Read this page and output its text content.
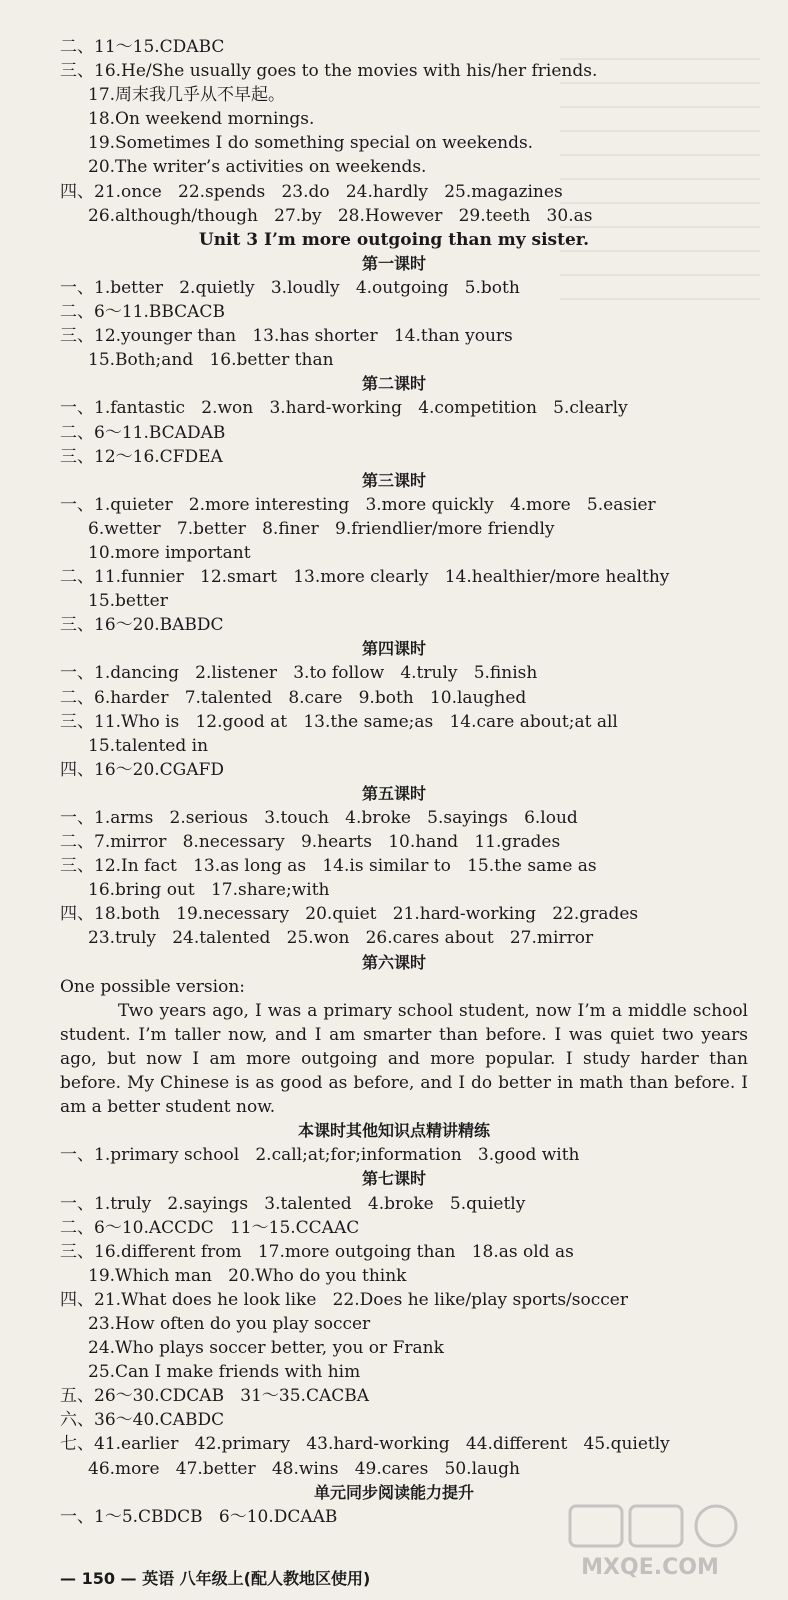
二、11～15.CDABC
三、16.He/She usually goes to the movies with his/her friends.
17.周末我几乎从不早起。
18.On weekend mornings.
19.Sometimes I do something special on weekends.
20.The writer’s activities on weekends.
四、21.once   22.spends   23.do   24.hardly   25.magazines
26.although/though   27.by   28.However   29.teeth   30.as
Unit 3 I’m more outgoing than my sister.
第一课时
一、1.better   2.quietly   3.loudly   4.outgoing   5.both
二、6～11.BBCACB
三、12.younger than   13.has shorter   14.than yours
15.Both;and   16.better than
第二课时
一、1.fantastic   2.won   3.hard-working   4.competition   5.clearly
二、6～11.BCADAB
三、12～16.CFDEA
第三课时
一、1.quieter   2.more interesting   3.more quickly   4.more   5.easier
6.wetter   7.better   8.finer   9.friendlier/more friendly
10.more important
二、11.funnier   12.smart   13.more clearly   14.healthier/more healthy
15.better
三、16～20.BABDC
第四课时
一、1.dancing   2.listener   3.to follow   4.truly   5.finish
二、6.harder   7.talented   8.care   9.both   10.laughed
三、11.Who is   12.good at   13.the same;as   14.care about;at all
15.talented in
四、16～20.CGAFD
第五课时
一、1.arms   2.serious   3.touch   4.broke   5.sayings   6.loud
二、7.mirror   8.necessary   9.hearts   10.hand   11.grades
三、12.In fact   13.as long as   14.is similar to   15.the same as
16.bring out   17.share;with
四、18.both   19.necessary   20.quiet   21.hard-working   22.grades
23.truly   24.talented   25.won   26.cares about   27.mirror
第六课时
One possible version:
Two years ago, I was a primary school student, now I’m a middle school student. I’m taller now, and I am smarter than before. I was quiet two years ago, but now I am more outgoing and more popular. I study harder than before. My Chinese is as good as before, and I do better in math than before. I am a better student now.
本课时其他知识点精讲精练
一、1.primary school   2.call;at;for;information   3.good with
第七课时
一、1.truly   2.sayings   3.talented   4.broke   5.quietly
二、6～10.ACCDC   11～15.CCAAC
三、16.different from   17.more outgoing than   18.as old as
19.Which man   20.Who do you think
四、21.What does he look like   22.Does he like/play sports/soccer
23.How often do you play soccer
24.Who plays soccer better, you or Frank
25.Can I make friends with him
五、26～30.CDCAB   31～35.CACBA
六、36～40.CABDC
七、41.earlier   42.primary   43.hard-working   44.different   45.quietly
46.more   47.better   48.wins   49.cares   50.laugh
单元同步阅读能力提升
一、1～5.CBDCB   6～10.DCAAB
— 150 — 英语 八年级上(配人教地区使用)	MXQE.COM
